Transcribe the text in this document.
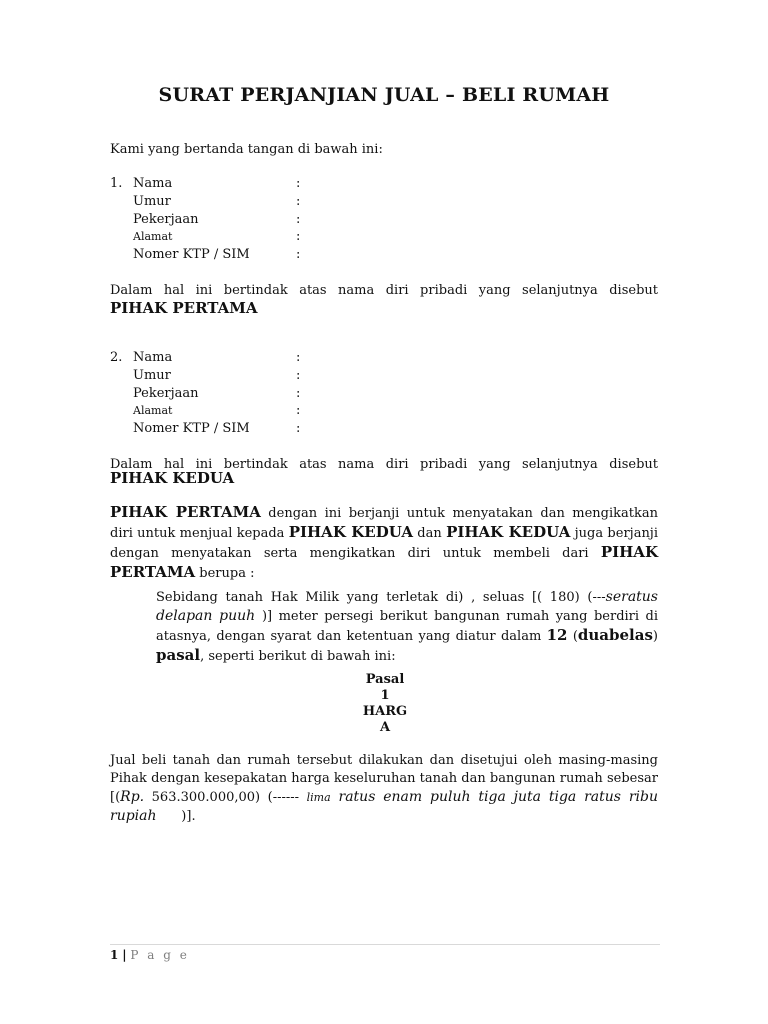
SURAT PERJANJIAN JUAL – BELI RUMAH
Kami yang bertanda tangan di bawah ini:
1. Nama	:
Umur	:
Pekerjaan	:
Alamat	:
Nomer KTP / SIM	:
Dalam hal ini bertindak atas nama diri pribadi yang selanjutnya disebut
PIHAK PERTAMA
2. Nama	:
Umur	:
Pekerjaan	:
Alamat	:
Nomer KTP / SIM	:
Dalam hal ini bertindak atas nama diri pribadi yang selanjutnya disebut
PIHAK KEDUA
PIHAK PERTAMA dengan ini berjanji untuk menyatakan dan mengikatkan diri untuk menjual kepada PIHAK KEDUA dan PIHAK KEDUA juga berjanji dengan menyatakan serta mengikatkan diri untuk membeli dari PIHAK PERTAMA berupa :
Sebidang tanah Hak Milik yang terletak di) , seluas [( 180) (---seratus delapan puuh )] meter persegi berikut bangunan rumah yang berdiri di atasnya, dengan syarat dan ketentuan yang diatur dalam 12 (duabelas) pasal, seperti berikut di bawah ini:
Pasal
1
HARG
A
Jual beli tanah dan rumah tersebut dilakukan dan disetujui oleh masing-masing Pihak dengan kesepakatan harga keseluruhan tanah dan bangunan rumah sebesar [(Rp. 563.300.000,00) (------ lima ratus enam puluh tiga juta tiga ratus ribu rupiah      )].
1 | P a g e
